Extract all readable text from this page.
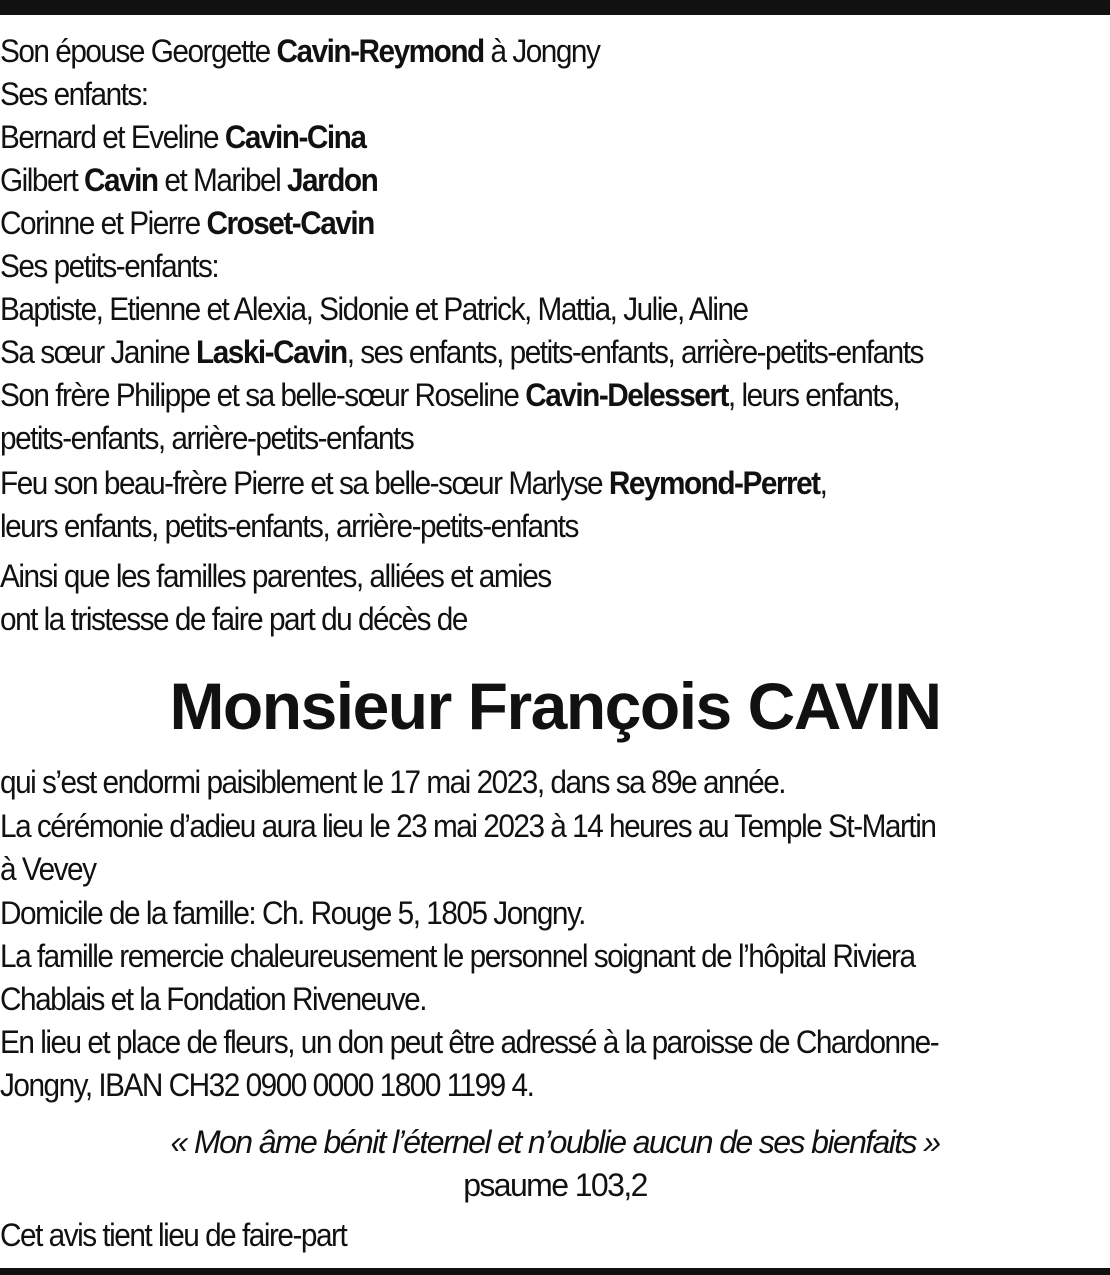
Son épouse Georgette Cavin-Reymond à Jongny

Ses enfants:

Bernard et Eveline Cavin-Cina

Gilbert Cavin et Maribel Jardon

Corinne et Pierre Croset-Cavin

Ses petits-enfants:

Baptiste, Etienne et Alexia, Sidonie et Patrick, Mattia, Julie, Aline

Sa sœur Janine Laski-Cavin, ses enfants, petits-enfants, arrière-petits-enfants

Son frère Philippe et sa belle-sœur Roseline Cavin-Delessert, leurs enfants,

petits-enfants, arrière-petits-enfants

Feu son beau-frère Pierre et sa belle-sœur Marlyse Reymond-Perret,

leurs enfants, petits-enfants, arrière-petits-enfants

Ainsi que les familles parentes, alliées et amies

ont la tristesse de faire part du décès de

Monsieur François CAVIN

qui s’est endormi paisiblement le 17 mai 2023, dans sa 89e année.

La cérémonie d’adieu aura lieu le 23 mai 2023 à 14 heures au Temple St-Martin

à Vevey

Domicile de la famille: Ch. Rouge 5, 1805 Jongny.

La famille remercie chaleureusement le personnel soignant de l’hôpital Riviera

Chablais et la Fondation Riveneuve.

En lieu et place de fleurs, un don peut être adressé à la paroisse de Chardonne-

Jongny, IBAN CH32 0900 0000 1800 1199 4.

« Mon âme bénit l’éternel et n’oublie aucun de ses bienfaits »

psaume 103,2

Cet avis tient lieu de faire-part
